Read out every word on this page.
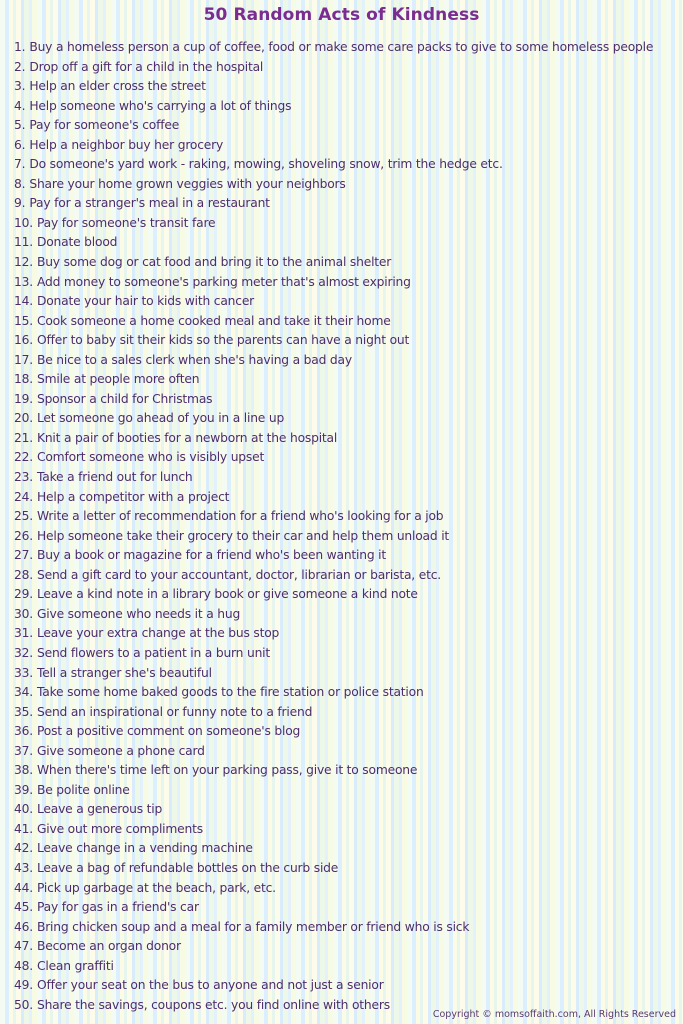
50 Random Acts of Kindness
1. Buy a homeless person a cup of coffee, food or make some care packs to give to some homeless people
2. Drop off a gift for a child in the hospital
3. Help an elder cross the street
4. Help someone who's carrying a lot of things
5. Pay for someone's coffee
6. Help a neighbor buy her grocery
7. Do someone's yard work - raking, mowing, shoveling snow, trim the hedge etc.
8. Share your home grown veggies with your neighbors
9. Pay for a stranger's meal in a restaurant
10. Pay for someone's transit fare
11. Donate blood
12. Buy some dog or cat food and bring it to the animal shelter
13. Add money to someone's parking meter that's almost expiring
14. Donate your hair to kids with cancer
15. Cook someone a home cooked meal and take it their home
16. Offer to baby sit their kids so the parents can have a night out
17. Be nice to a sales clerk when she's having a bad day
18. Smile at people more often
19. Sponsor a child for Christmas
20. Let someone go ahead of you in a line up
21. Knit a pair of booties for a newborn at the hospital
22. Comfort someone who is visibly upset
23. Take a friend out for lunch
24. Help a competitor with a project
25. Write a letter of recommendation for a friend who's looking for a job
26. Help someone take their grocery to their car and help them unload it
27. Buy a book or magazine for a friend who's been wanting it
28. Send a gift card to your accountant, doctor, librarian or barista, etc.
29. Leave a kind note in a library book or give someone a kind note
30. Give someone who needs it a hug
31. Leave your extra change at the bus stop
32. Send flowers to a patient in a burn unit
33. Tell a stranger she's beautiful
34. Take some home baked goods to the fire station or police station
35. Send an inspirational or funny note to a friend
36. Post a positive comment on someone's blog
37. Give someone a phone card
38. When there's time left on your parking pass, give it to someone
39. Be polite online
40. Leave a generous tip
41. Give out more compliments
42. Leave change in a vending machine
43. Leave a bag of refundable bottles on the curb side
44. Pick up garbage at the beach, park, etc.
45. Pay for gas in a friend's car
46. Bring chicken soup and a meal for a family member or friend who is sick
47. Become an organ donor
48. Clean graffiti
49. Offer your seat on the bus to anyone and not just a senior
50. Share the savings, coupons etc. you find online with others
Copyright © momsoffaith.com, All Rights Reserved
